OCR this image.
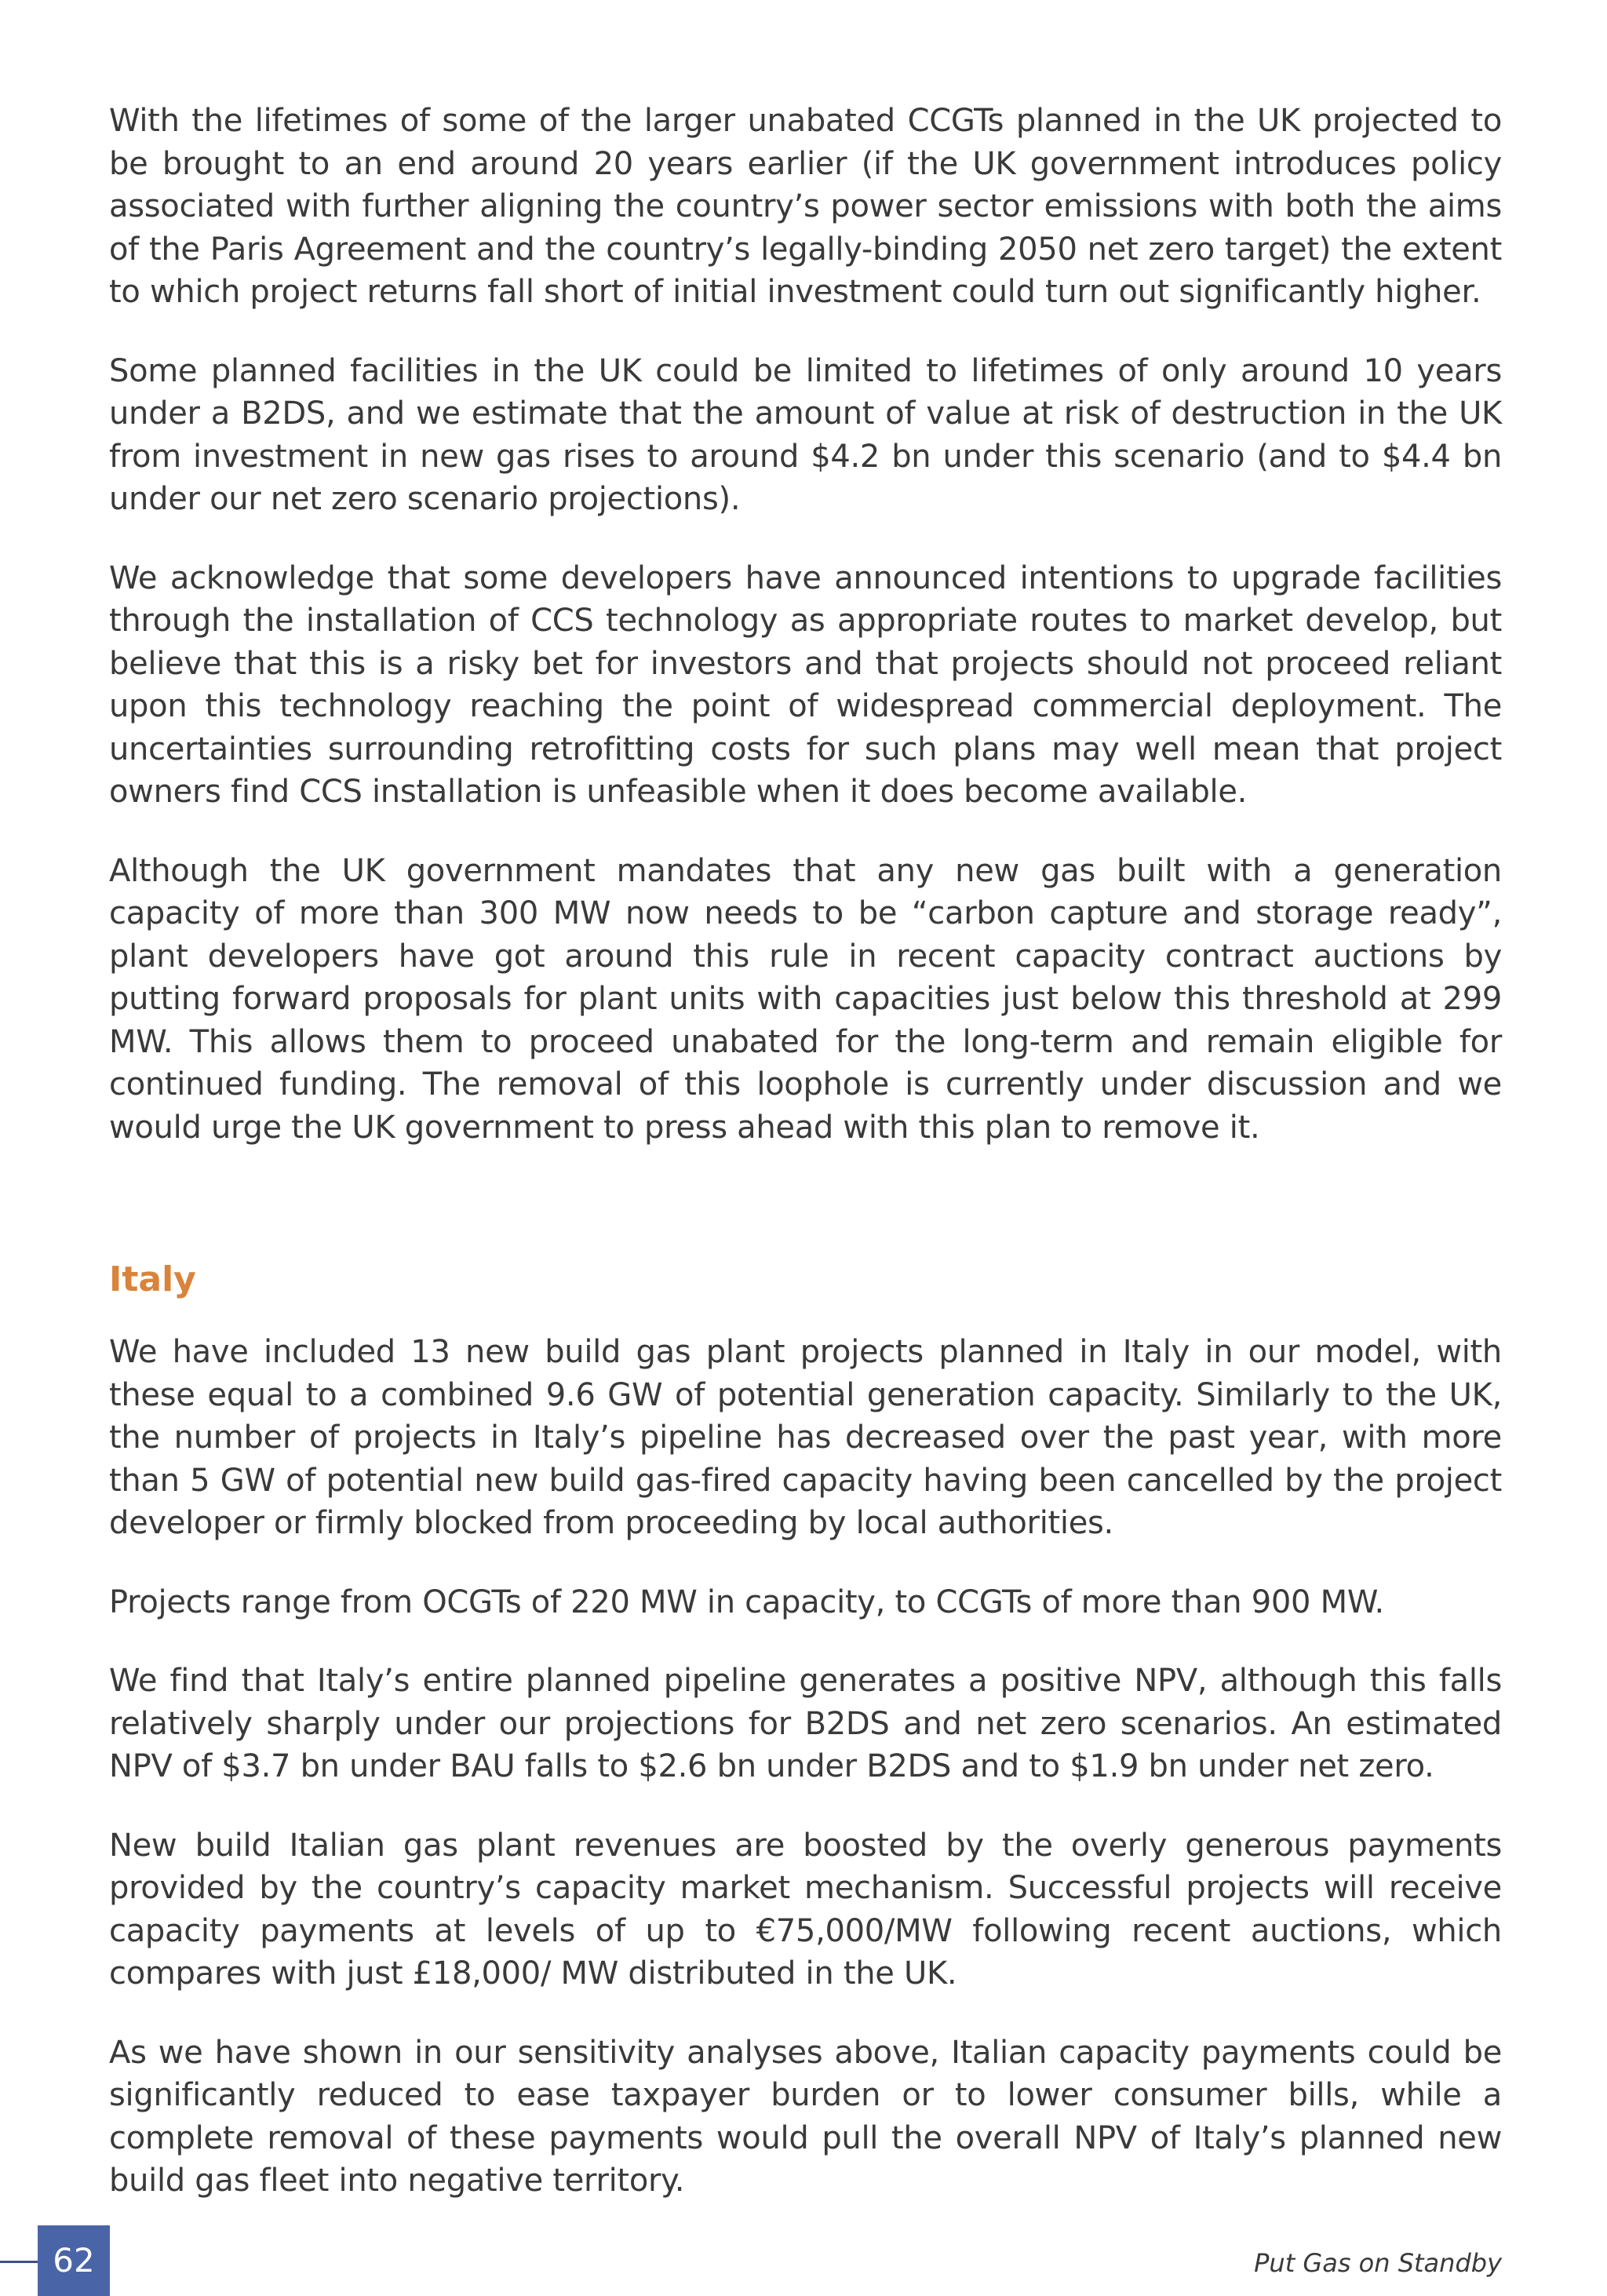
With the lifetimes of some of the larger unabated CCGTs planned in the UK projected to be brought to an end around 20 years earlier (if the UK government introduces policy associated with further aligning the country’s power sector emissions with both the aims of the Paris Agreement and the country’s legally-binding 2050 net zero target) the extent to which project returns fall short of initial investment could turn out significantly higher.

Some planned facilities in the UK could be limited to lifetimes of only around 10 years under a B2DS, and we estimate that the amount of value at risk of destruction in the UK from investment in new gas rises to around $4.2 bn under this scenario (and to $4.4 bn under our net zero scenario projections).

We acknowledge that some developers have announced intentions to upgrade facilities through the installation of CCS technology as appropriate routes to market develop, but believe that this is a risky bet for investors and that projects should not proceed reliant upon this technology reaching the point of widespread commercial deployment. The uncertainties surrounding retrofitting costs for such plans may well mean that project owners find CCS installation is unfeasible when it does become available.

Although the UK government mandates that any new gas built with a generation capacity of more than 300 MW now needs to be “carbon capture and storage ready”, plant developers have got around this rule in recent capacity contract auctions by putting forward proposals for plant units with capacities just below this threshold at 299 MW. This allows them to proceed unabated for the long-term and remain eligible for continued funding. The removal of this loophole is currently under discussion and we would urge the UK government to press ahead with this plan to remove it.

Italy

We have included 13 new build gas plant projects planned in Italy in our model, with these equal to a combined 9.6 GW of potential generation capacity. Similarly to the UK, the number of projects in Italy’s pipeline has decreased over the past year, with more than 5 GW of potential new build gas-fired capacity having been cancelled by the project developer or firmly blocked from proceeding by local authorities.

Projects range from OCGTs of 220 MW in capacity, to CCGTs of more than 900 MW.

We find that Italy’s entire planned pipeline generates a positive NPV, although this falls relatively sharply under our projections for B2DS and net zero scenarios. An estimated NPV of $3.7 bn under BAU falls to $2.6 bn under B2DS and to $1.9 bn under net zero.

New build Italian gas plant revenues are boosted by the overly generous payments provided by the country’s capacity market mechanism. Successful projects will receive capacity payments at levels of up to €75,000/MW following recent auctions, which compares with just £18,000/ MW distributed in the UK.

As we have shown in our sensitivity analyses above, Italian capacity payments could be significantly reduced to ease taxpayer burden or to lower consumer bills, while a complete removal of these payments would pull the overall NPV of Italy’s planned new build gas fleet into negative territory.

62	Put Gas on Standby
